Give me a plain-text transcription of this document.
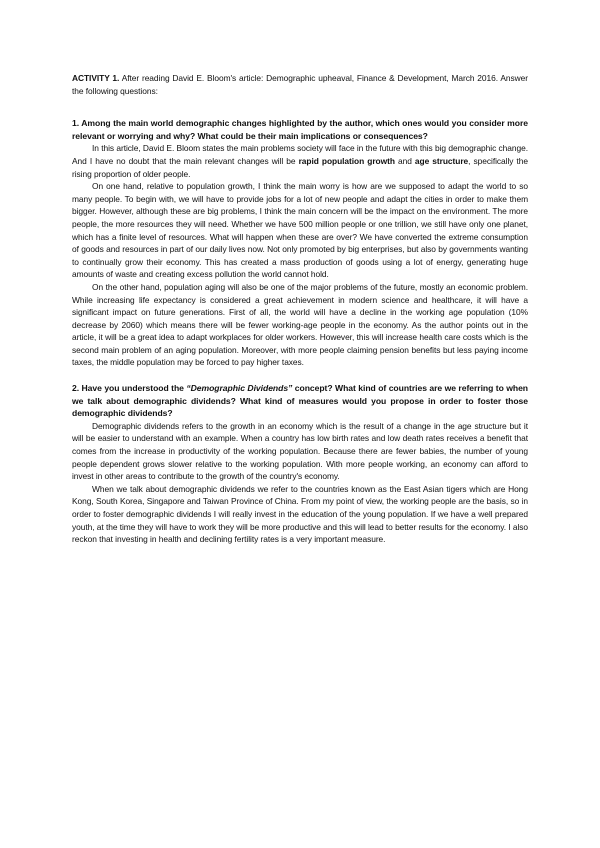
ACTIVITY 1. After reading David E. Bloom's article: Demographic upheaval, Finance & Development, March 2016. Answer the following questions:

1. Among the main world demographic changes highlighted by the author, which ones would you consider more relevant or worrying and why? What could be their main implications or consequences?

In this article, David E. Bloom states the main problems society will face in the future with this big demographic change. And I have no doubt that the main relevant changes will be rapid population growth and age structure, specifically the rising proportion of older people.

On one hand, relative to population growth, I think the main worry is how are we supposed to adapt the world to so many people. To begin with, we will have to provide jobs for a lot of new people and adapt the cities in order to make them bigger. However, although these are big problems, I think the main concern will be the impact on the environment. The more people, the more resources they will need. Whether we have 500 million people or one trillion, we still have only one planet, which has a finite level of resources. What will happen when these are over? We have converted the extreme consumption of goods and resources in part of our daily lives now. Not only promoted by big enterprises, but also by governments wanting to continually grow their economy. This has created a mass production of goods using a lot of energy, generating huge amounts of waste and creating excess pollution the world cannot hold.

On the other hand, population aging will also be one of the major problems of the future, mostly an economic problem. While increasing life expectancy is considered a great achievement in modern science and healthcare, it will have a significant impact on future generations. First of all, the world will have a decline in the working age population (10% decrease by 2060) which means there will be fewer working-age people in the economy. As the author points out in the article, it will be a great idea to adapt workplaces for older workers. However, this will increase health care costs which is the second main problem of an aging population. Moreover, with more people claiming pension benefits but less paying income taxes, the middle population may be forced to pay higher taxes.

2. Have you understood the “Demographic Dividends” concept? What kind of countries are we referring to when we talk about demographic dividends? What kind of measures would you propose in order to foster those demographic dividends?

Demographic dividends refers to the growth in an economy which is the result of a change in the age structure but it will be easier to understand with an example. When a country has low birth rates and low death rates receives a benefit that comes from the increase in productivity of the working population. Because there are fewer babies, the number of young people dependent grows slower relative to the working population. With more people working, an economy can afford to invest in other areas to contribute to the growth of the country's economy.

When we talk about demographic dividends we refer to the countries known as the East Asian tigers which are Hong Kong, South Korea, Singapore and Taiwan Province of China. From my point of view, the working people are the basis, so in order to foster demographic dividends I will really invest in the education of the young population. If we have a well prepared youth, at the time they will have to work they will be more productive and this will lead to better results for the economy. I also reckon that investing in health and declining fertility rates is a very important measure.
